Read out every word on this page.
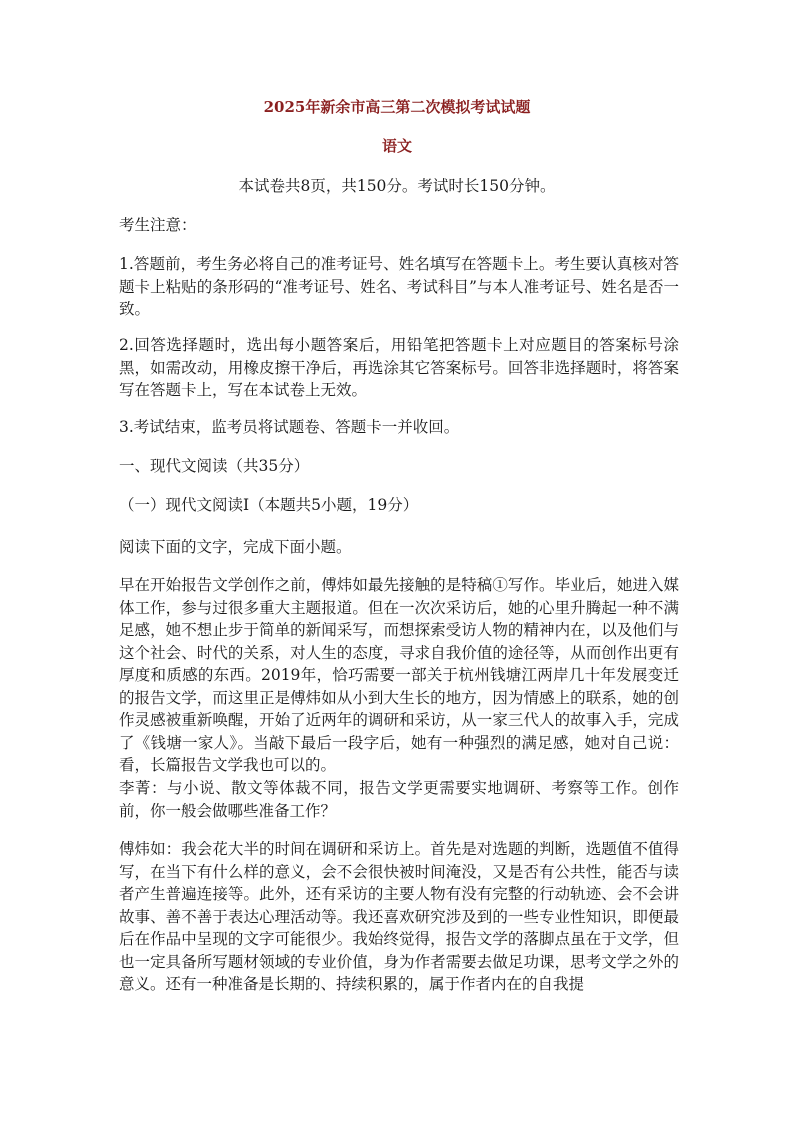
2025年新余市高三第二次模拟考试试题
语文
本试卷共8页，共150分。考试时长150分钟。

考生注意：

1.答题前，考生务必将自己的准考证号、姓名填写在答题卡上。考生要认真核对答题卡上粘贴的条形码的“准考证号、姓名、考试科目”与本人准考证号、姓名是否一致。

2.回答选择题时，选出每小题答案后，用铅笔把答题卡上对应题目的答案标号涂黑，如需改动，用橡皮擦干净后，再选涂其它答案标号。回答非选择题时，将答案写在答题卡上，写在本试卷上无效。

3.考试结束，监考员将试题卷、答题卡一并收回。

一、现代文阅读（共35分）

（一）现代文阅读Ⅰ（本题共5小题，19分）

阅读下面的文字，完成下面小题。

早在开始报告文学创作之前，傅炜如最先接触的是特稿①写作。毕业后，她进入媒体工作，参与过很多重大主题报道。但在一次次采访后，她的心里升腾起一种不满足感，她不想止步于简单的新闻采写，而想探索受访人物的精神内在，以及他们与这个社会、时代的关系，对人生的态度，寻求自我价值的途径等，从而创作出更有厚度和质感的东西。2019年，恰巧需要一部关于杭州钱塘江两岸几十年发展变迁的报告文学，而这里正是傅炜如从小到大生长的地方，因为情感上的联系，她的创作灵感被重新唤醒，开始了近两年的调研和采访，从一家三代人的故事入手，完成了《钱塘一家人》。当敲下最后一段字后，她有一种强烈的满足感，她对自己说：看，长篇报告文学我也可以的。

李菁：与小说、散文等体裁不同，报告文学更需要实地调研、考察等工作。创作前，你一般会做哪些准备工作？

傅炜如：我会花大半的时间在调研和采访上。首先是对选题的判断，选题值不值得写，在当下有什么样的意义，会不会很快被时间淹没，又是否有公共性，能否与读者产生普遍连接等。此外，还有采访的主要人物有没有完整的行动轨迹、会不会讲故事、善不善于表达心理活动等。我还喜欢研究涉及到的一些专业性知识，即便最后在作品中呈现的文字可能很少。我始终觉得，报告文学的落脚点虽在于文学，但也一定具备所写题材领域的专业价值，身为作者需要去做足功课，思考文学之外的意义。还有一种准备是长期的、持续积累的，属于作者内在的自我提
